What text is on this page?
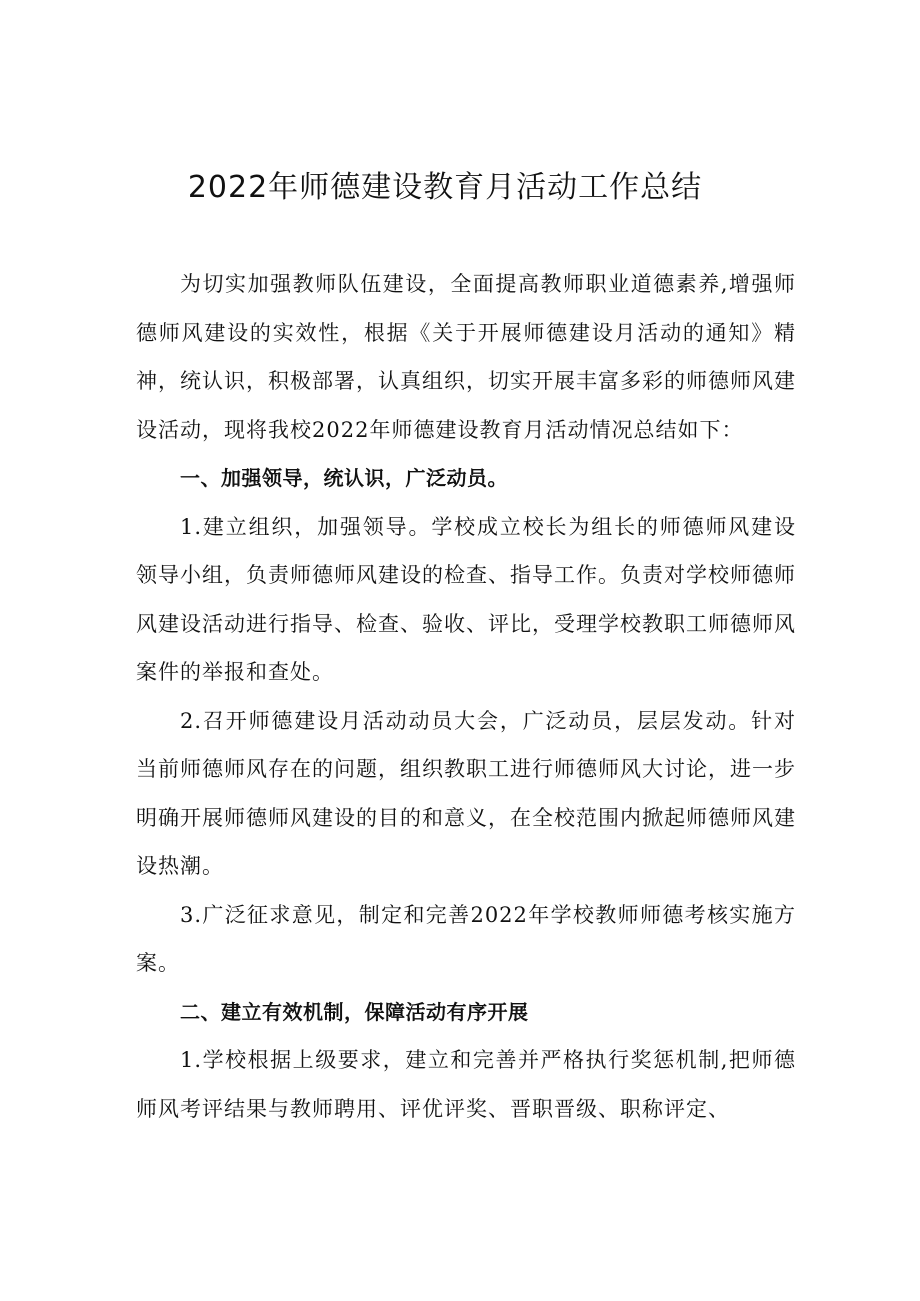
2022年师德建设教育月活动工作总结

为切实加强教师队伍建设，全面提高教师职业道德素养,增强师德师风建设的实效性，根据《关于开展师德建设月活动的通知》精神，统认识，积极部署，认真组织，切实开展丰富多彩的师德师风建设活动，现将我校2022年师德建设教育月活动情况总结如下：

一、加强领导，统认识，广泛动员。

1.建立组织，加强领导。学校成立校长为组长的师德师风建设领导小组，负责师德师风建设的检查、指导工作。负责对学校师德师风建设活动进行指导、检查、验收、评比，受理学校教职工师德师风案件的举报和查处。

2.召开师德建设月活动动员大会，广泛动员，层层发动。针对当前师德师风存在的问题，组织教职工进行师德师风大讨论，进一步明确开展师德师风建设的目的和意义，在全校范围内掀起师德师风建设热潮。

3.广泛征求意见，制定和完善2022年学校教师师德考核实施方案。

二、建立有效机制，保障活动有序开展

1.学校根据上级要求，建立和完善并严格执行奖惩机制,把师德师风考评结果与教师聘用、评优评奖、晋职晋级、职称评定、
